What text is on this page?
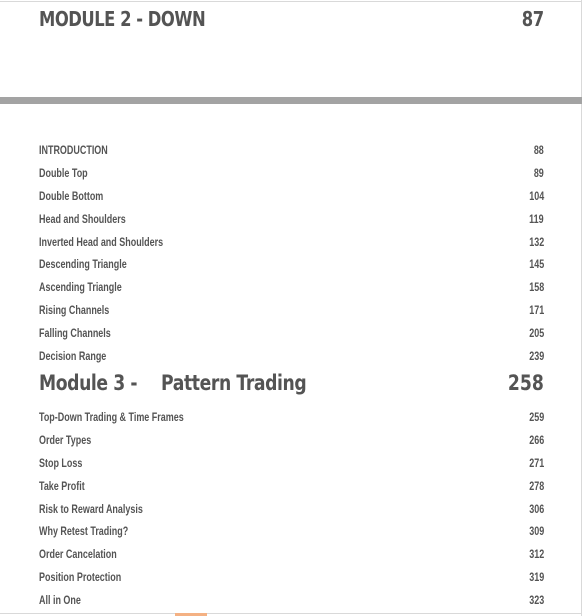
MODULE 2 - DOWN	87
INTRODUCTION	88
Double Top	89
Double Bottom	104
Head and Shoulders	119
Inverted Head and Shoulders	132
Descending Triangle	145
Ascending Triangle	158
Rising Channels	171
Falling Channels	205
Decision Range	239
Module 3 - Pattern Trading	258
Top-Down Trading & Time Frames	259
Order Types	266
Stop Loss	271
Take Profit	278
Risk to Reward Analysis	306
Why Retest Trading?	309
Order Cancelation	312
Position Protection	319
All in One	323
